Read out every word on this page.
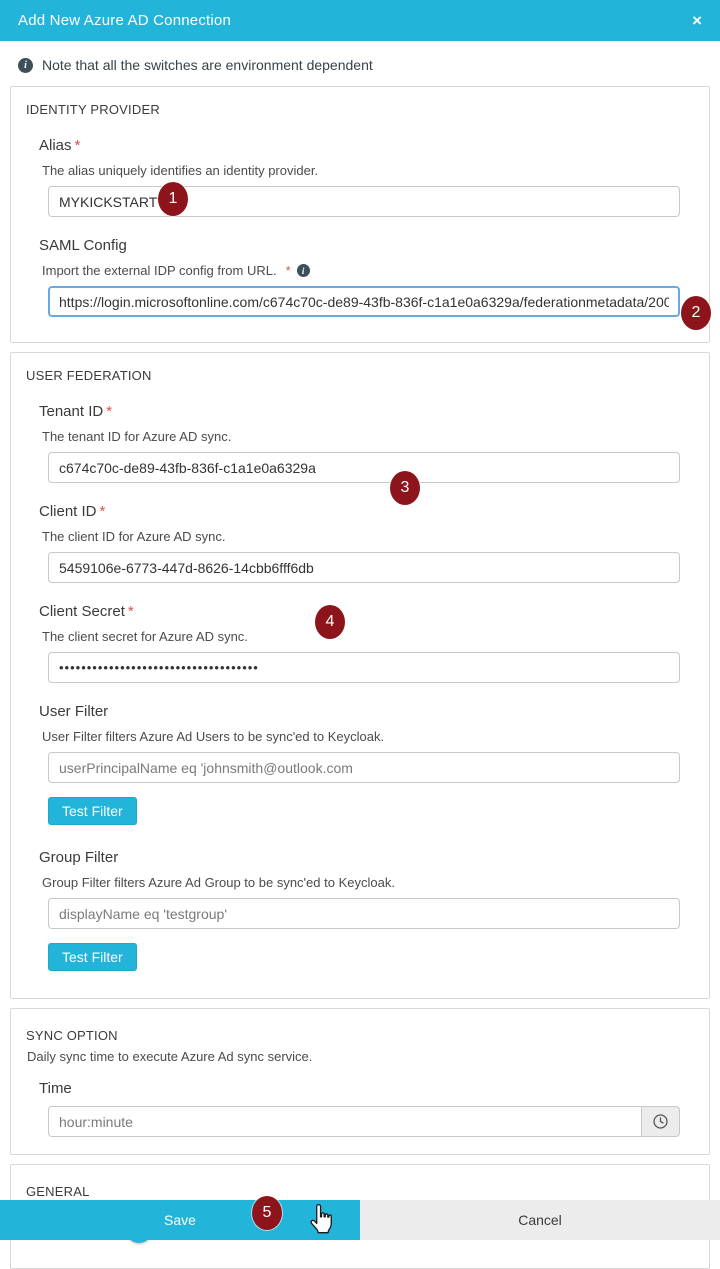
Add New Azure AD Connection	×
i	Note that all the switches are environment dependent
IDENTITY PROVIDER
Alias *
The alias uniquely identifies an identity provider.
MYKICKSTARTTA
SAML Config
Import the external IDP config from URL. *	i
https://login.microsoftonline.com/c674c70c-de89-43fb-836f-c1a1e0a6329a/federationmetadata/2007-06/federat
USER FEDERATION
Tenant ID *
The tenant ID for Azure AD sync.
c674c70c-de89-43fb-836f-c1a1e0a6329a
Client ID *
The client ID for Azure AD sync.
5459106e-6773-447d-8626-14cbb6fff6db
Client Secret *
The client secret for Azure AD sync.
••••••••••••••••••••••••••••••••••••
User Filter
User Filter filters Azure Ad Users to be sync'ed to Keycloak.
userPrincipalName eq 'johnsmith@outlook.com
Test Filter
Group Filter
Group Filter filters Azure Ad Group to be sync'ed to Keycloak.
displayName eq 'testgroup'
Test Filter
SYNC OPTION
Daily sync time to execute Azure Ad sync service.
Time
hour:minute
GENERAL
Save	Cancel
1
2
3
4
5
